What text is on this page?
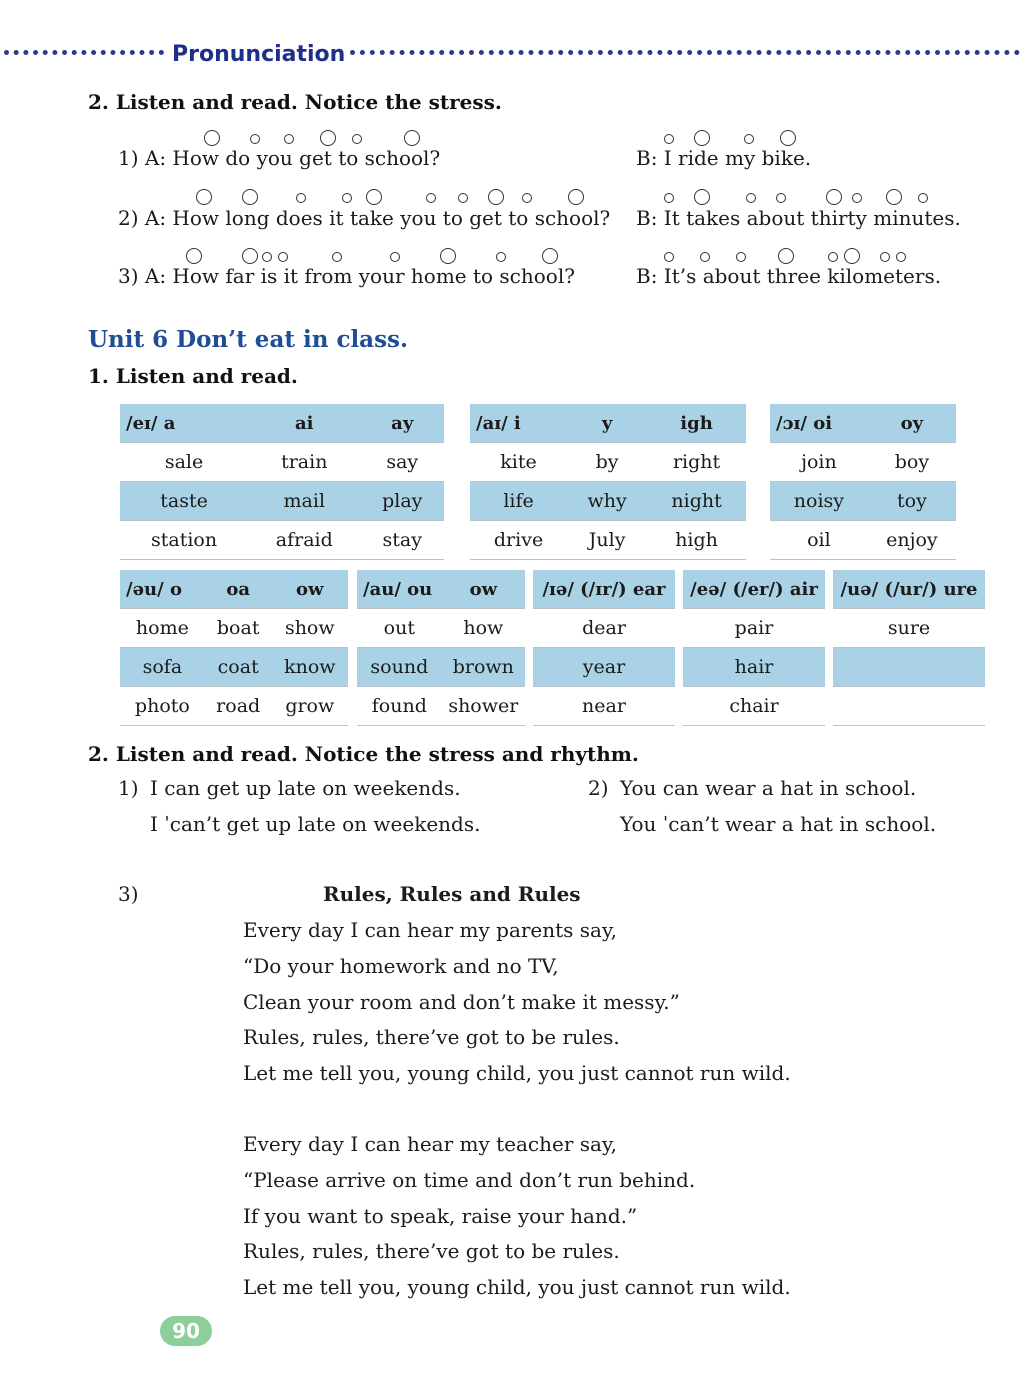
Pronunciation
2. Listen and read. Notice the stress.
1) A: How do you get to school?	B: I ride my bike.
2) A: How long does it take you to get to school? B: It takes about thirty minutes.
3) A: How far is it from your home to school?	B: It’s about three kilometers.
Unit 6 Don’t eat in class.
1. Listen and read.
/eɪ/ a	ai	ay
sale	train	say
taste	mail	play
station	afraid	stay
/aɪ/ i	y	igh
kite	by	right
life	why	night
drive	July	high
/ɔɪ/ oi	oy
join	boy
noisy	toy
oil	enjoy
/əu/ o	oa	ow
home	boat	show
sofa	coat	know
photo	road	grow
/au/ ou	ow
out	how
sound	brown
found	shower
/ɪə/ (/ɪr/) ear
dear
year
near
/eə/ (/er/) air
pair
hair
chair
/uə/ (/ur/) ure
sure

2. Listen and read. Notice the stress and rhythm.
1) I can get up late on weekends.
I ˈcan’t get up late on weekends.
2) You can wear a hat in school.
You ˈcan’t wear a hat in school.
3)	Rules, Rules and Rules
Every day I can hear my parents say,
“Do your homework and no TV,
Clean your room and don’t make it messy.”
Rules, rules, there’ve got to be rules.
Let me tell you, young child, you just cannot run wild.
Every day I can hear my teacher say,
“Please arrive on time and don’t run behind.
If you want to speak, raise your hand.”
Rules, rules, there’ve got to be rules.
Let me tell you, young child, you just cannot run wild.
90
